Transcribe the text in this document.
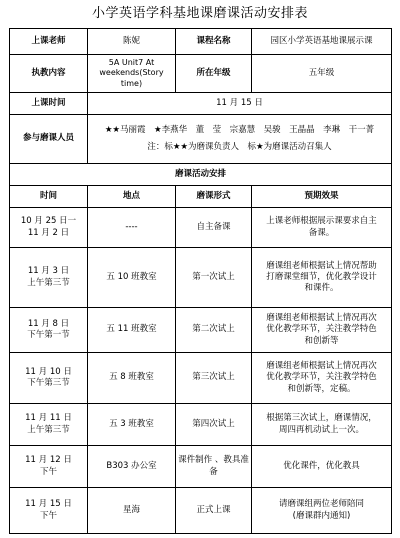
小学英语学科基地课磨课活动安排表
上课老师	陈妮	课程名称	园区小学英语基地课展示课
执教内容	5A Unit7 At
weekends(Story
time)	所在年级	五年级
上课时间	11 月 15 日		
参与磨课人员	★★马丽霞　★李燕华　董　莹　宗嘉慧　吴骏　王晶晶　李琳　干一菁
注：标★★为磨课负责人　标★为磨课活动召集人		

磨课活动安排			
时间	地点	磨课形式	预期效果

10 月 25 日一
11 月 2 日	----	自主备课	上课老师根据展示课要求自主
备课。

11 月 3 日
上午第三节	五 10 班教室	第一次试上	磨课组老师根据试上情况帮助
打磨课堂细节，优化教学设计
和课件。

11 月 8 日
下午第一节	五 11 班教室	第二次试上	磨课组老师根据试上情况再次
优化教学环节，关注教学特色
和创新等

11 月 10 日
下午第三节	五 8 班教室	第三次试上	磨课组老师根据试上情况再次
优化教学环节，关注教学特色
和创新等，定稿。

11 月 11 日
上午第三节	五 3 班教室	第四次试上	根据第三次试上，磨课情况，
周四再机动试上一次。

11 月 12 日
下午	B303 办公室	课件制作 、教具准备	优化课件，优化教具

11 月 15 日
下午	星海	正式上课	请磨课组两位老师陪同
(磨课群内通知)
